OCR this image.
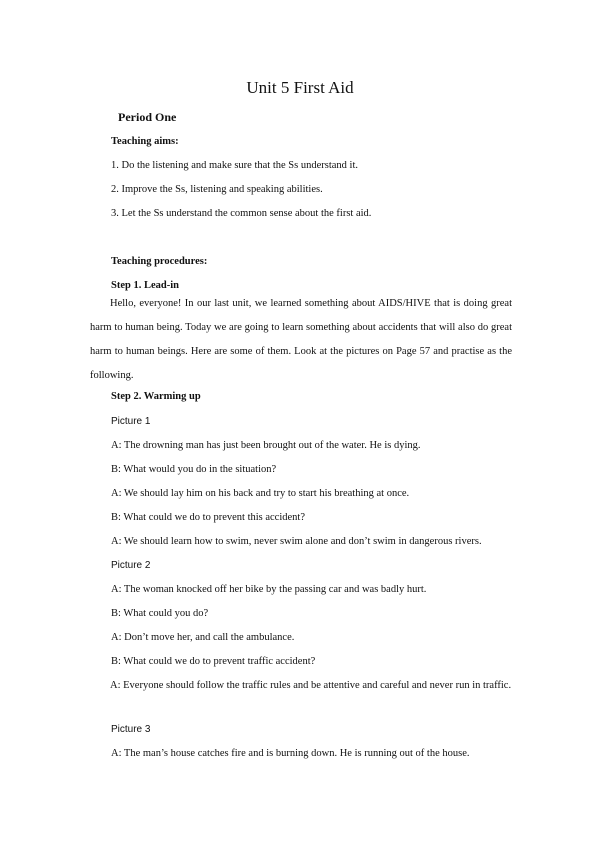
Unit 5 First Aid

Period One

Teaching aims:

1. Do the listening and make sure that the Ss understand it.

2. Improve the Ss, listening and speaking abilities.

3. Let the Ss understand the common sense about the first aid.

Teaching procedures:

Step 1. Lead-in

Hello, everyone! In our last unit, we learned something about AIDS/HIVE that is doing great harm to human being. Today we are going to learn something about accidents that will also do great harm to human beings. Here are some of them. Look at the pictures on Page 57 and practise as the following.

Step 2. Warming up

Picture 1

A: The drowning man has just been brought out of the water. He is dying.

B: What would you do in the situation?

A: We should lay him on his back and try to start his breathing at once.

B: What could we do to prevent this accident?

A: We should learn how to swim, never swim alone and don’t swim in dangerous rivers.

Picture 2

A: The woman knocked off her bike by the passing car and was badly hurt.

B: What could you do?

A: Don’t move her, and call the ambulance.

B: What could we do to prevent traffic accident?

A: Everyone should follow the traffic rules and be attentive and careful and never run in traffic.

Picture 3

A: The man’s house catches fire and is burning down. He is running out of the house.
